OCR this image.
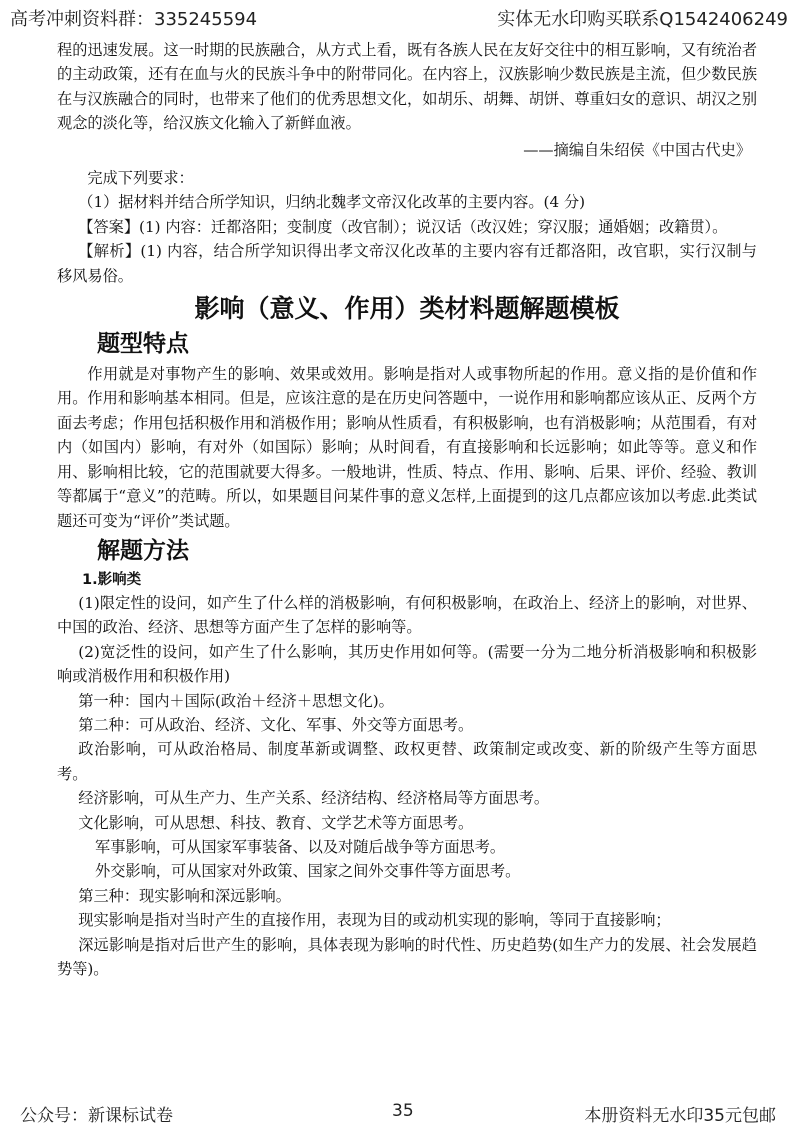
高考冲刺资料群：335245594	实体无水印购买联系Q1542406249

程的迅速发展。这一时期的民族融合，从方式上看，既有各族人民在友好交往中的相互影响，又有统治者的主动政策，还有在血与火的民族斗争中的附带同化。在内容上，汉族影响少数民族是主流，但少数民族在与汉族融合的同时，也带来了他们的优秀思想文化，如胡乐、胡舞、胡饼、尊重妇女的意识、胡汉之别观念的淡化等，给汉族文化输入了新鲜血液。

——摘编自朱绍侯《中国古代史》

完成下列要求：

（1）据材料并结合所学知识，归纳北魏孝文帝汉化改革的主要内容。(4 分)

【答案】(1) 内容：迁都洛阳；变制度（改官制）；说汉话（改汉姓；穿汉服；通婚姻；改籍贯）。

【解析】(1) 内容，结合所学知识得出孝文帝汉化改革的主要内容有迁都洛阳，改官职，实行汉制与移风易俗。

影响（意义、作用）类材料题解题模板
题型特点

作用就是对事物产生的影响、效果或效用。影响是指对人或事物所起的作用。意义指的是价值和作用。作用和影响基本相同。但是，应该注意的是在历史问答题中，一说作用和影响都应该从正、反两个方面去考虑；作用包括积极作用和消极作用；影响从性质看，有积极影响，也有消极影响；从范围看，有对内（如国内）影响，有对外（如国际）影响；从时间看，有直接影响和长远影响；如此等等。意义和作用、影响相比较，它的范围就要大得多。一般地讲，性质、特点、作用、影响、后果、评价、经验、教训等都属于“意义”的范畴。所以，如果题目问某件事的意义怎样,上面提到的这几点都应该加以考虑.此类试题还可变为“评价”类试题。

解题方法
1.影响类

(1)限定性的设问，如产生了什么样的消极影响，有何积极影响，在政治上、经济上的影响，对世界、中国的政治、经济、思想等方面产生了怎样的影响等。

(2)宽泛性的设问，如产生了什么影响，其历史作用如何等。(需要一分为二地分析消极影响和积极影响或消极作用和积极作用)

第一种：国内＋国际(政治＋经济＋思想文化)。

第二种：可从政治、经济、文化、军事、外交等方面思考。

政治影响，可从政治格局、制度革新或调整、政权更替、政策制定或改变、新的阶级产生等方面思考。

经济影响，可从生产力、生产关系、经济结构、经济格局等方面思考。

文化影响，可从思想、科技、教育、文学艺术等方面思考。

军事影响，可从国家军事装备、以及对随后战争等方面思考。

外交影响，可从国家对外政策、国家之间外交事件等方面思考。

第三种：现实影响和深远影响。

现实影响是指对当时产生的直接作用，表现为目的或动机实现的影响，等同于直接影响；

深远影响是指对后世产生的影响，具体表现为影响的时代性、历史趋势(如生产力的发展、社会发展趋势等)。

公众号：新课标试卷	35	本册资料无水印35元包邮
